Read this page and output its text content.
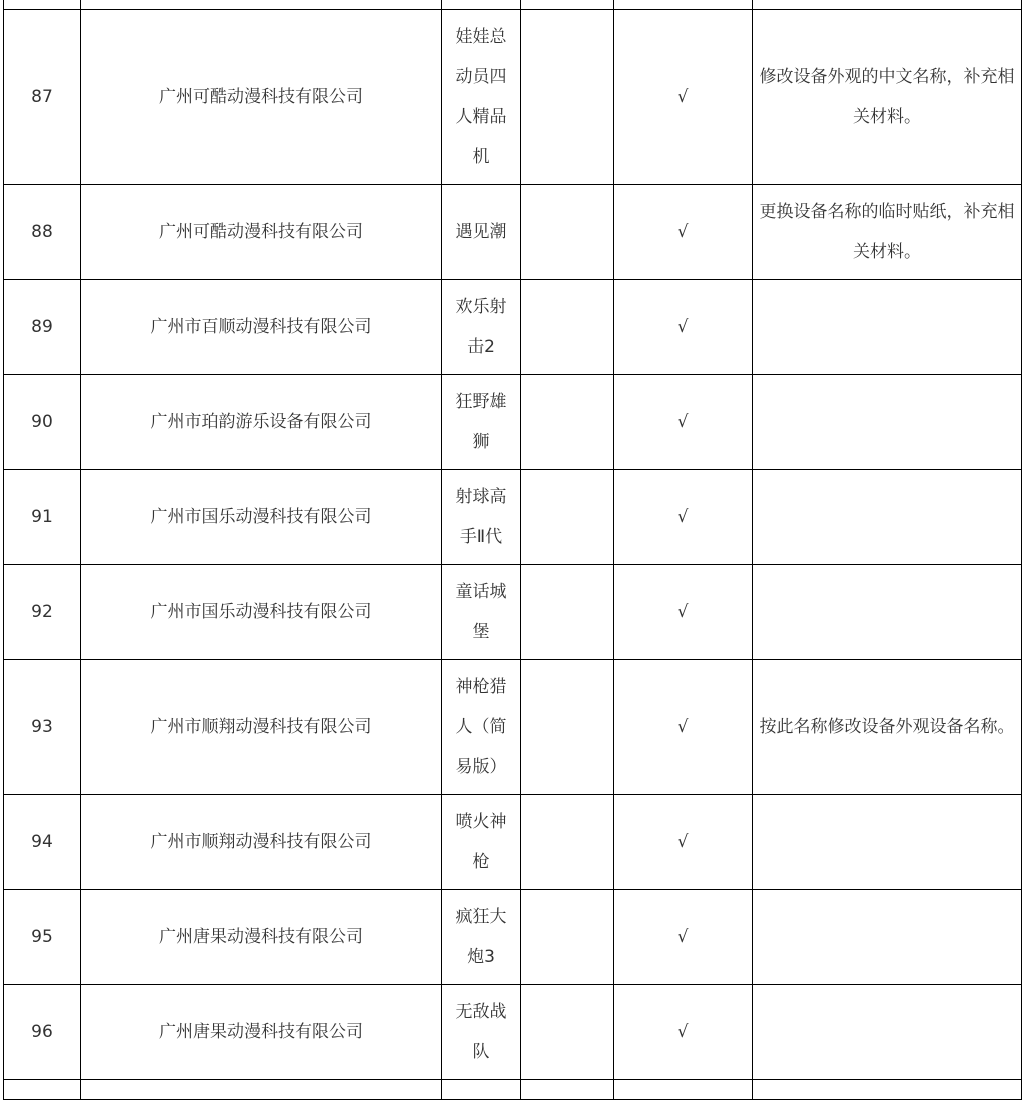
87	广州可酷动漫科技有限公司	娃娃总动员四人精品机		√	修改设备外观的中文名称，补充相关材料。
88	广州可酷动漫科技有限公司	遇见潮		√	更换设备名称的临时贴纸，补充相关材料。
89	广州市百顺动漫科技有限公司	欢乐射击2		√	
90	广州市珀韵游乐设备有限公司	狂野雄狮		√	
91	广州市国乐动漫科技有限公司	射球高手Ⅱ代		√	
92	广州市国乐动漫科技有限公司	童话城堡		√	
93	广州市顺翔动漫科技有限公司	神枪猎人（简易版）		√	按此名称修改设备外观设备名称。
94	广州市顺翔动漫科技有限公司	喷火神枪		√	
95	广州唐果动漫科技有限公司	疯狂大炮3		√	
96	广州唐果动漫科技有限公司	无敌战队		√	
